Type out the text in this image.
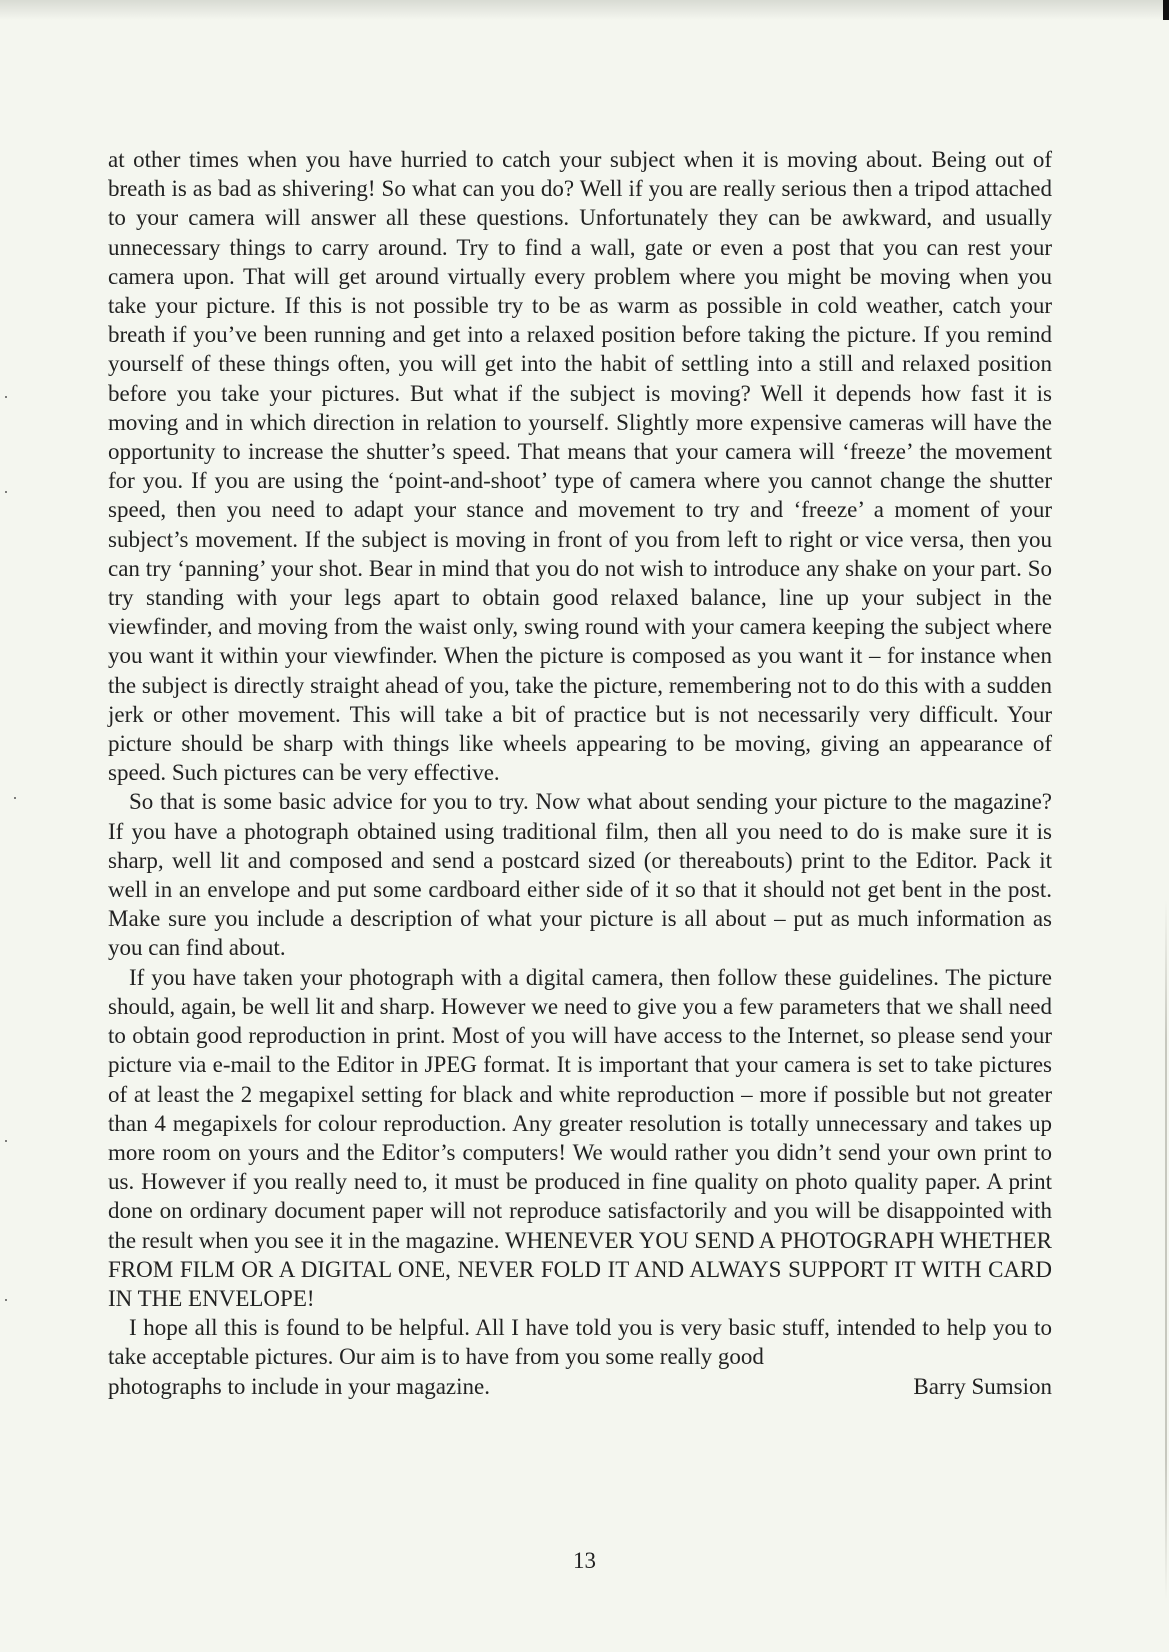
at other times when you have hurried to catch your subject when it is moving about. Being out of breath is as bad as shivering! So what can you do? Well if you are really serious then a tripod attached to your camera will answer all these questions. Unfortunately they can be awkward, and usually unnecessary things to carry around. Try to find a wall, gate or even a post that you can rest your camera upon. That will get around virtually every problem where you might be moving when you take your picture. If this is not possible try to be as warm as possible in cold weather, catch your breath if you’ve been running and get into a relaxed position before taking the picture. If you remind yourself of these things often, you will get into the habit of settling into a still and relaxed position before you take your pictures. But what if the subject is moving? Well it depends how fast it is moving and in which direction in relation to yourself. Slightly more expensive cameras will have the opportunity to increase the shutter’s speed. That means that your camera will ‘freeze’ the movement for you. If you are using the ‘point-and-shoot’ type of camera where you cannot change the shutter speed, then you need to adapt your stance and movement to try and ‘freeze’ a moment of your subject’s movement. If the subject is moving in front of you from left to right or vice versa, then you can try ‘panning’ your shot. Bear in mind that you do not wish to introduce any shake on your part. So try standing with your legs apart to obtain good relaxed balance, line up your subject in the viewfinder, and moving from the waist only, swing round with your camera keeping the subject where you want it within your viewfinder. When the picture is composed as you want it – for instance when the subject is directly straight ahead of you, take the picture, remembering not to do this with a sudden jerk or other movement. This will take a bit of practice but is not necessarily very difficult. Your picture should be sharp with things like wheels appearing to be moving, giving an appearance of speed. Such pictures can be very effective.

So that is some basic advice for you to try. Now what about sending your picture to the magazine? If you have a photograph obtained using traditional film, then all you need to do is make sure it is sharp, well lit and composed and send a postcard sized (or thereabouts) print to the Editor. Pack it well in an envelope and put some cardboard either side of it so that it should not get bent in the post. Make sure you include a description of what your picture is all about – put as much information as you can find about.

If you have taken your photograph with a digital camera, then follow these guidelines. The picture should, again, be well lit and sharp. However we need to give you a few parameters that we shall need to obtain good reproduction in print. Most of you will have access to the Internet, so please send your picture via e-mail to the Editor in JPEG format. It is important that your camera is set to take pictures of at least the 2 megapixel setting for black and white reproduction – more if possible but not greater than 4 megapixels for colour reproduction. Any greater resolution is totally unnecessary and takes up more room on yours and the Editor’s computers! We would rather you didn’t send your own print to us. However if you really need to, it must be produced in fine quality on photo quality paper. A print done on ordinary document paper will not reproduce satisfactorily and you will be disappointed with the result when you see it in the magazine. WHENEVER YOU SEND A PHOTOGRAPH WHETHER FROM FILM OR A DIGITAL ONE, NEVER FOLD IT AND ALWAYS SUPPORT IT WITH CARD IN THE ENVELOPE!

I hope all this is found to be helpful. All I have told you is very basic stuff, intended to help you to take acceptable pictures. Our aim is to have from you some really good

photographs to include in your magazine.	Barry Sumsion
13
